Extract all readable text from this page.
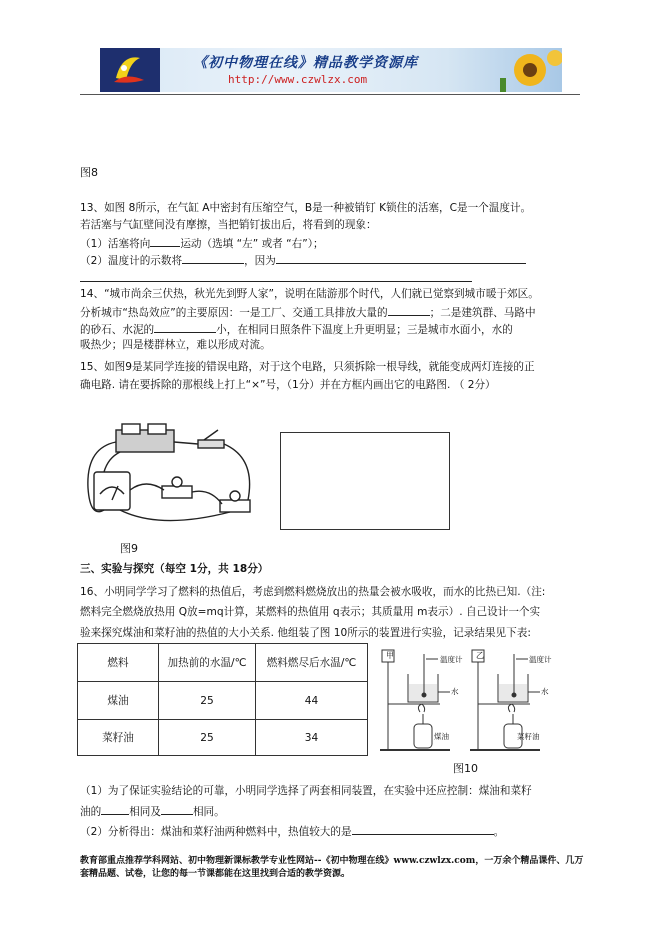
《初中物理在线》精品教学资源库
http://www.czwlzx.com
图8
13、如图 8所示，在气缸 A中密封有压缩空气，B是一种被销钉 K锁住的活塞，C是一个温度计。
若活塞与气缸壁间没有摩擦，当把销钉拔出后，将看到的现象：
（1）活塞将向	运动（选填 “左” 或者 “右”）；
（2）温度计的示数将	，因为
14、“城市尚余三伏热，秋光先到野人家”，说明在陆游那个时代，人们就已觉察到城市暖于郊区。
分析城市“热岛效应”的主要原因：一是工厂、交通工具排放大量的	；二是建筑群、马路中
的砂石、水泥的	小，在相同日照条件下温度上升更明显；三是城市水面小，水的
吸热少；四是楼群林立，难以形成对流。
15、如图9是某同学连接的错误电路，对于这个电路，只须拆除一根导线，就能变成两灯连接的正
确电路. 请在要拆除的那根线上打上“×”号，（1分）并在方框内画出它的电路图. （ 2分）
图9
三、实验与探究（每空 1分，共 18分）
16、小明同学学习了燃料的热值后，考虑到燃料燃烧放出的热量会被水吸收，而水的比热已知.（注:
燃料完全燃烧放热用 Q放=mq计算，某燃料的热值用 q表示；其质量用 m表示）. 自己设计一个实
验来探究煤油和菜籽油的热值的大小关系. 他组装了图 10所示的装置进行实验，记录结果见下表:
燃料	加热前的水温/℃	燃料燃尽后水温/℃
煤油	25	44
菜籽油	25	34
甲	乙
温度计	温度计
水	水
煤油	菜籽油
图10
（1）为了保证实验结论的可靠，小明同学选择了两套相同装置，在实验中还应控制：煤油和菜籽
油的	相同及	相同。
（2）分析得出：煤油和菜籽油两种燃料中，热值较大的是	。
教育部重点推荐学科网站、初中物理新课标教学专业性网站--《初中物理在线》www.czwlzx.com，一万余个精品课件、几万套精品题、试卷，让您的每一节课都能在这里找到合适的教学资源。
